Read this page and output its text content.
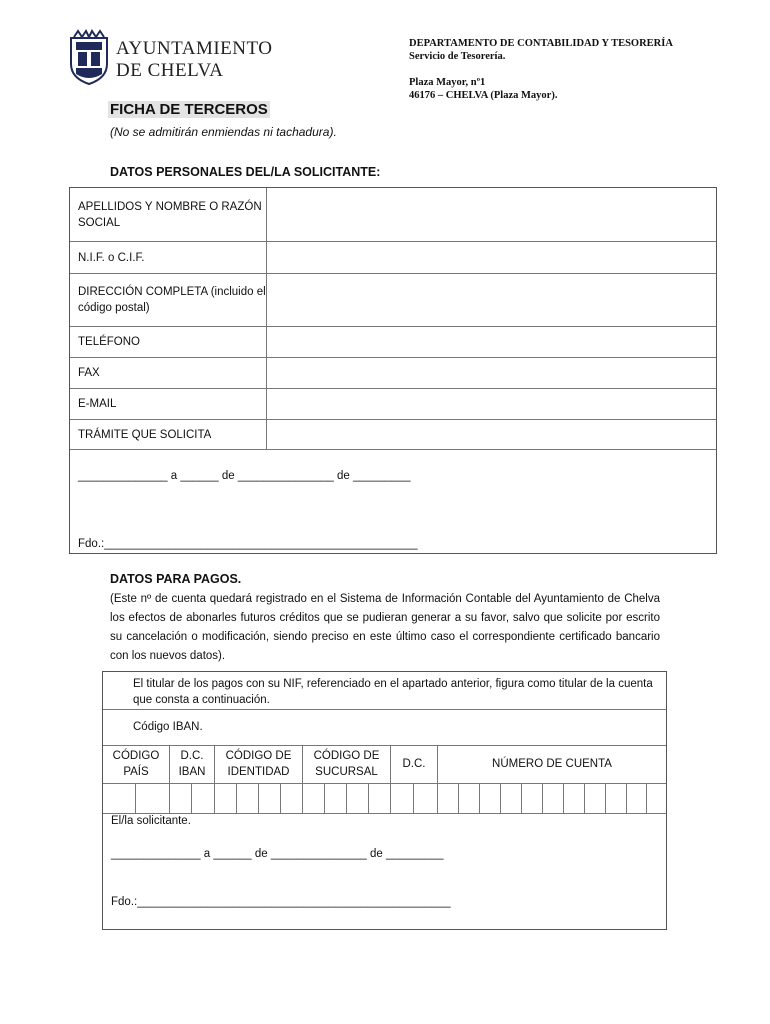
AYUNTAMIENTO
DE CHELVA
DEPARTAMENTO DE CONTABILIDAD Y TESORERÍA
Servicio de Tesorería.
Plaza Mayor, nº1
46176 – CHELVA (Plaza Mayor).
FICHA DE TERCEROS
(No se admitirán enmiendas ni tachadura).
DATOS PERSONALES DEL/LA SOLICITANTE:
APELLIDOS Y NOMBRE O RAZÓN SOCIAL
N.I.F. o C.I.F.
DIRECCIÓN COMPLETA (incluido el código postal)
TELÉFONO
FAX
E-MAIL
TRÁMITE QUE SOLICITA
______________ a ______ de _______________ de _________
Fdo.:_________________________________________________
DATOS PARA PAGOS.
(Este nº de cuenta quedará registrado en el Sistema de Información Contable del Ayuntamiento de Chelva los efectos de abonarles futuros créditos que se pudieran generar a su favor, salvo que solicite por escrito su cancelación o modificación, siendo preciso en este último caso el correspondiente certificado bancario con los nuevos datos).
El titular de los pagos con su NIF, referenciado en el apartado anterior, figura como titular de la cuenta que consta a continuación.
Código IBAN.
CÓDIGO PAÍS
D.C. IBAN
CÓDIGO DE IDENTIDAD
CÓDIGO DE SUCURSAL
D.C.	NÚMERO DE CUENTA
El/la solicitante.
______________ a ______ de _______________ de _________
Fdo.:_________________________________________________
